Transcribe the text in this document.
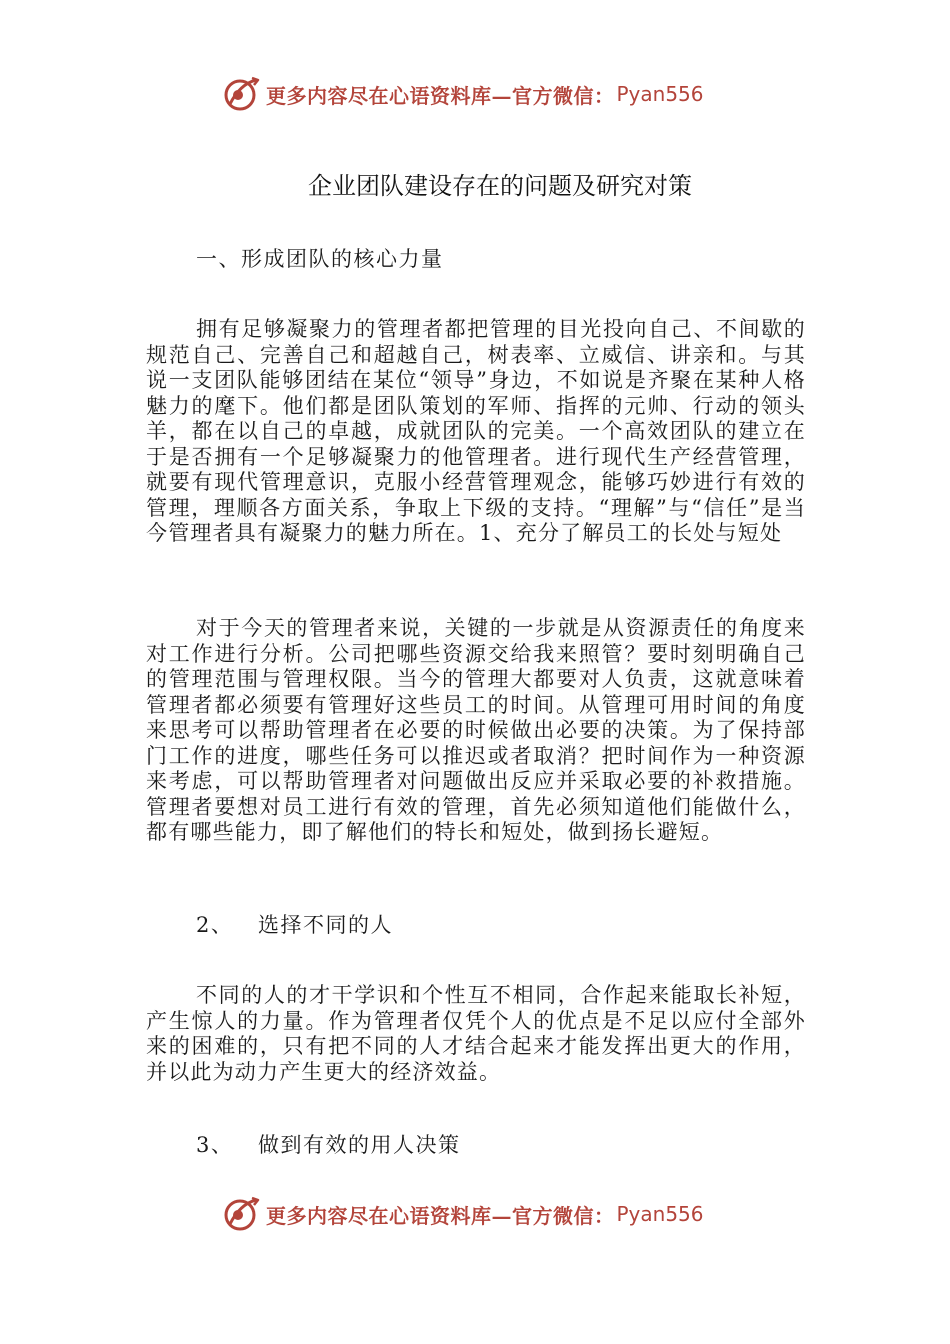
更多内容尽在心语资料库—官方微信： Pyan556
企业团队建设存在的问题及研究对策
一、形成团队的核心力量

拥有足够凝聚力的管理者都把管理的目光投向自己、不间歇的规范自己、完善自己和超越自己，树表率、立威信、讲亲和。与其说一支团队能够团结在某位“领导”身边，不如说是齐聚在某种人格魅力的麾下。他们都是团队策划的军师、指挥的元帅、行动的领头羊，都在以自己的卓越，成就团队的完美。一个高效团队的建立在于是否拥有一个足够凝聚力的他管理者。进行现代生产经营管理，就要有现代管理意识，克服小经营管理观念，能够巧妙进行有效的管理，理顺各方面关系，争取上下级的支持。“理解”与“信任”是当今管理者具有凝聚力的魅力所在。1、充分了解员工的长处与短处

对于今天的管理者来说，关键的一步就是从资源责任的角度来对工作进行分析。公司把哪些资源交给我来照管？要时刻明确自己的管理范围与管理权限。当今的管理大都要对人负责，这就意味着管理者都必须要有管理好这些员工的时间。从管理可用时间的角度来思考可以帮助管理者在必要的时候做出必要的决策。为了保持部门工作的进度，哪些任务可以推迟或者取消？把时间作为一种资源来考虑，可以帮助管理者对问题做出反应并采取必要的补救措施。管理者要想对员工进行有效的管理，首先必须知道他们能做什么，都有哪些能力，即了解他们的特长和短处，做到扬长避短。

2、 选择不同的人

不同的人的才干学识和个性互不相同，合作起来能取长补短，产生惊人的力量。作为管理者仅凭个人的优点是不足以应付全部外来的困难的，只有把不同的人才结合起来才能发挥出更大的作用，并以此为动力产生更大的经济效益。

3、 做到有效的用人决策
更多内容尽在心语资料库—官方微信： Pyan556
